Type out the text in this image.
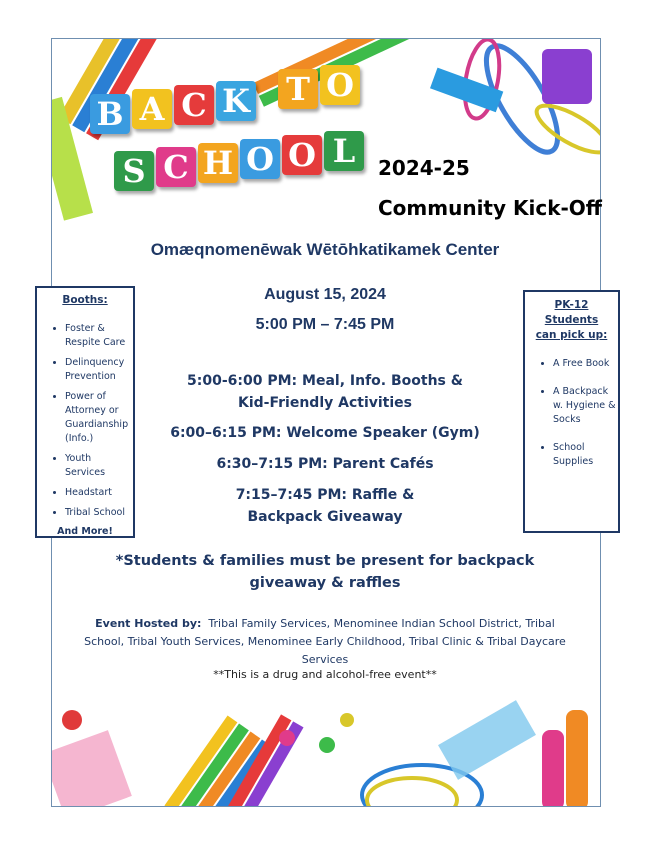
B A C K T O
S C H O O L	2024-25
Community Kick-Off
Omæqnomenēwak Wētōhkatikamek Center
August 15, 2024
5:00 PM – 7:45 PM
5:00-6:00 PM: Meal, Info. Booths &
Kid-Friendly Activities
6:00–6:15 PM: Welcome Speaker (Gym)
6:30–7:15 PM: Parent Cafés
7:15–7:45 PM: Raffle &
Backpack Giveaway
Booths:
• Foster & Respite Care
• Delinquency Prevention
• Power of Attorney or Guardianship (Info.)
• Youth Services
• Headstart
• Tribal School
And More!
PK-12 Students can pick up:
• A Free Book
• A Backpack w. Hygiene & Socks
• School Supplies
*Students & families must be present for backpack giveaway & raffles
Event Hosted by: Tribal Family Services, Menominee Indian School District, Tribal School, Tribal Youth Services, Menominee Early Childhood, Tribal Clinic & Tribal Daycare Services
**This is a drug and alcohol-free event**
